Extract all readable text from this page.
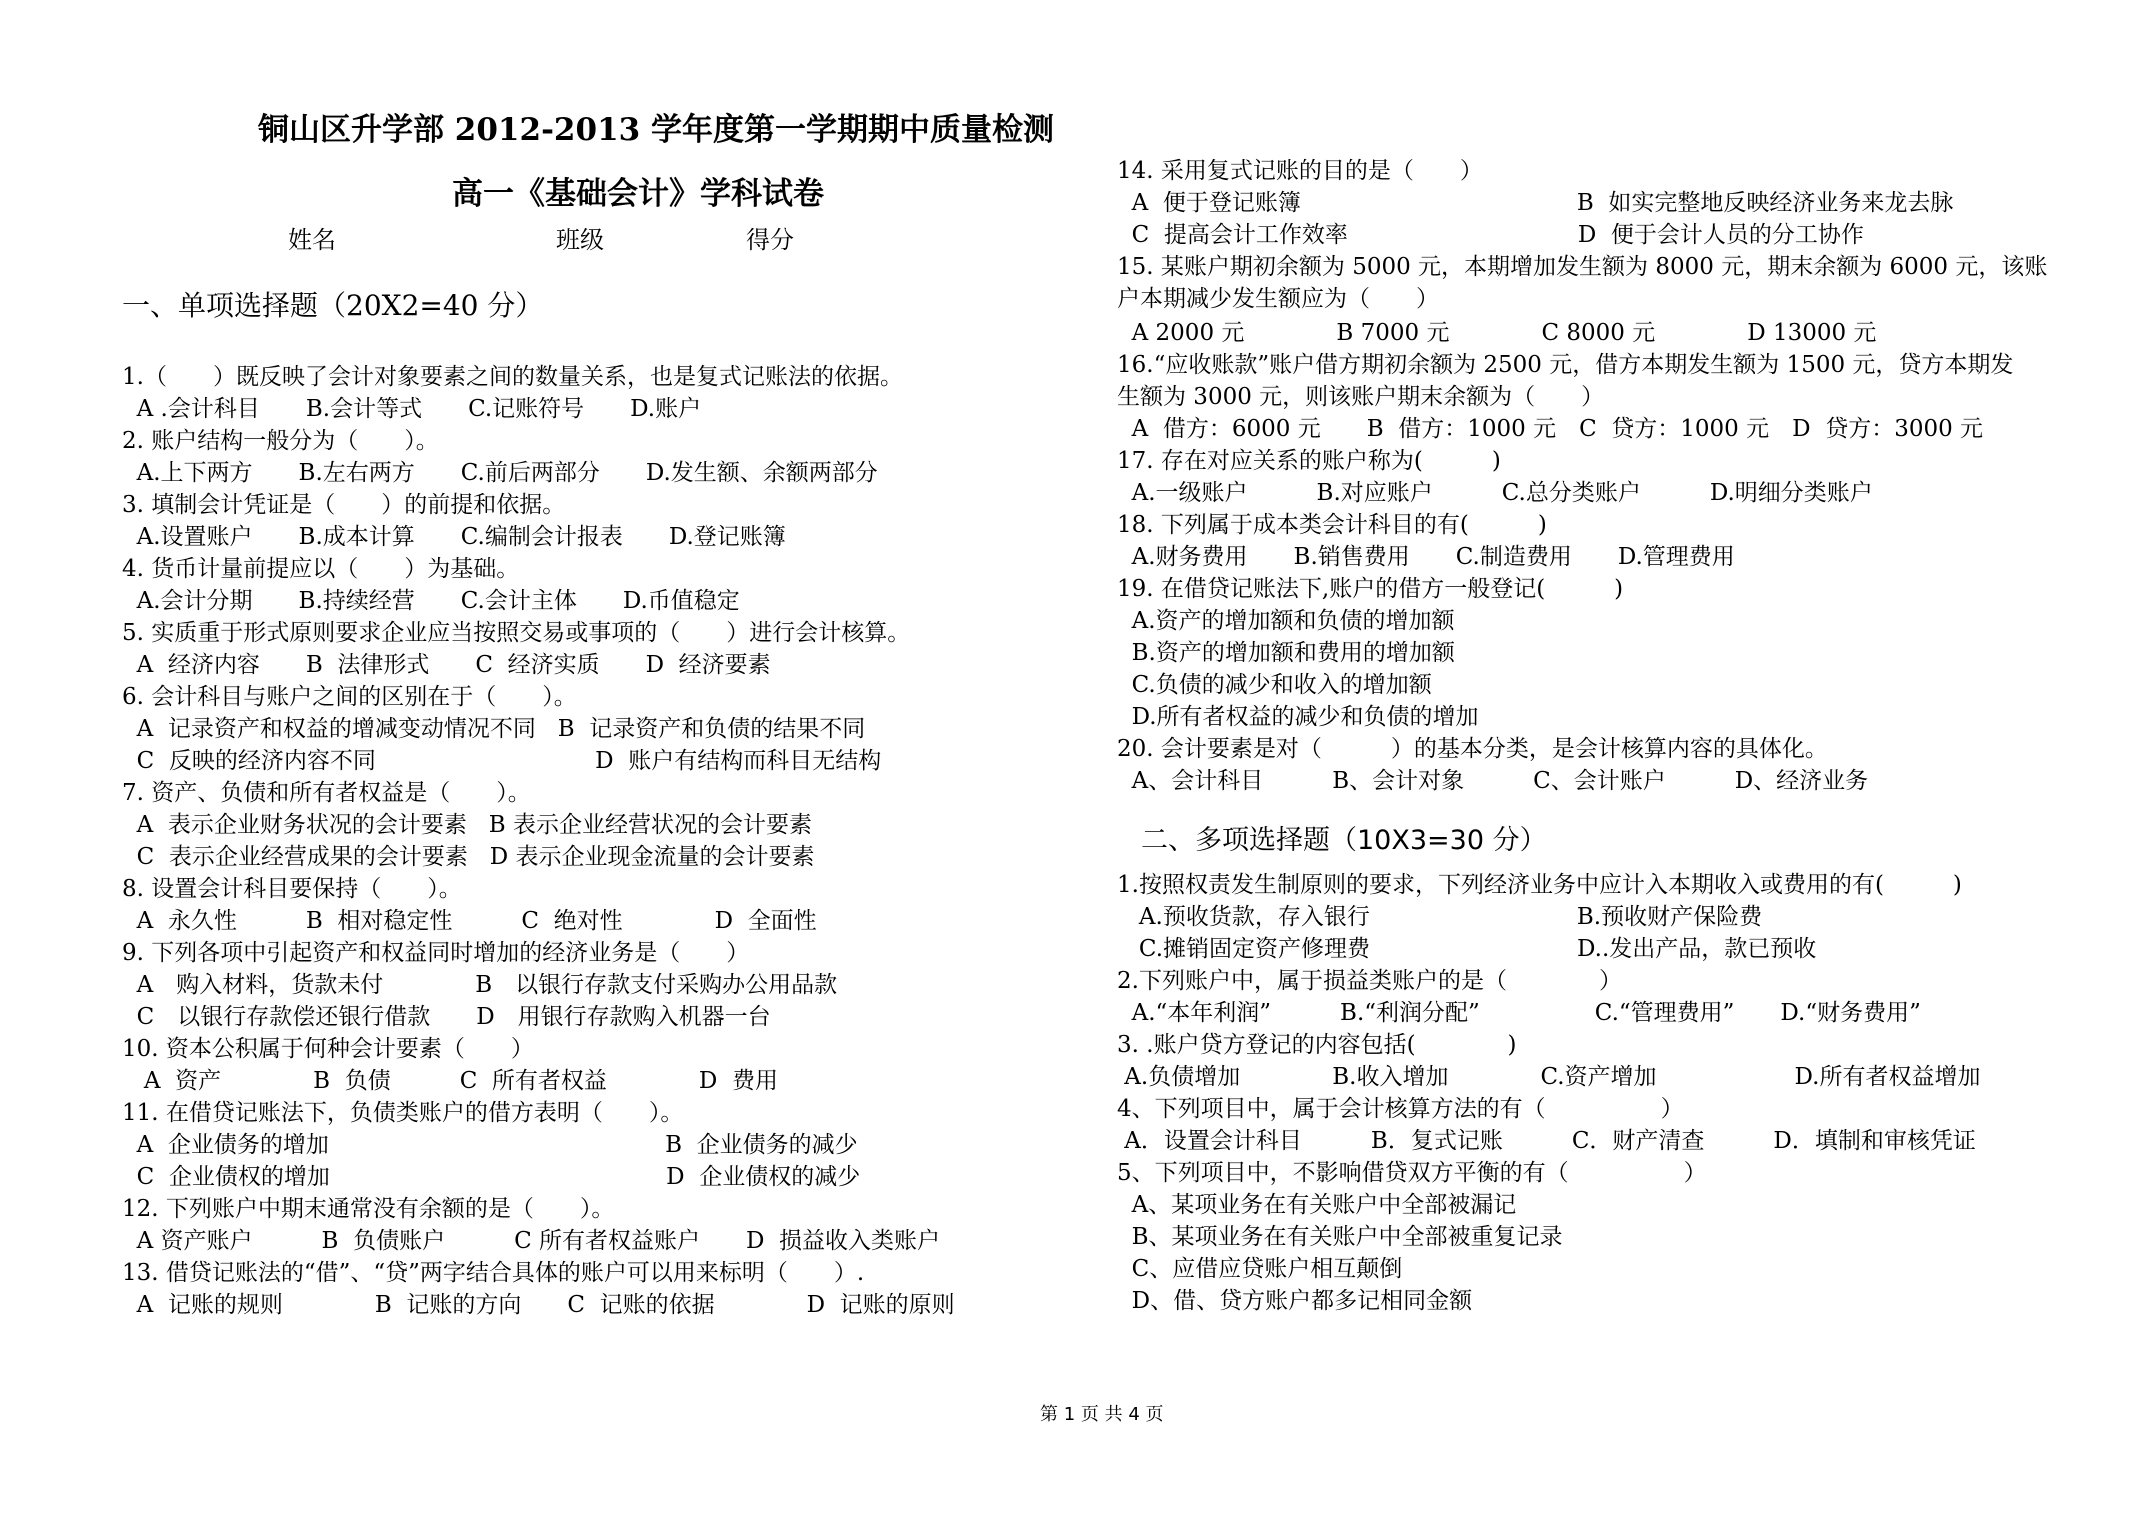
铜山区升学部 2012-2013 学年度第一学期期中质量检测
高一《基础会计》学科试卷
姓名	班级	得分
一、单项选择题（20X2=40 分）
1.（　　）既反映了会计对象要素之间的数量关系，也是复式记账法的依据。
A .会计科目　　B.会计等式　　C.记账符号　　D.账户
2. 账户结构一般分为（　　）。
A.上下两方　　B.左右两方　　C.前后两部分　　D.发生额、余额两部分
3. 填制会计凭证是（　　）的前提和依据。
A.设置账户　　B.成本计算　　C.编制会计报表　　D.登记账簿
4. 货币计量前提应以（　　）为基础。
A.会计分期　　B.持续经营　　C.会计主体　　D.币值稳定
5. 实质重于形式原则要求企业应当按照交易或事项的（　　）进行会计核算。
A  经济内容　　B  法律形式　　C  经济实质　　D  经济要素
6. 会计科目与账户之间的区别在于（　　）。
A  记录资产和权益的增减变动情况不同   B  记录资产和负债的结果不同
C  反映的经济内容不同                              D  账户有结构而科目无结构
7. 资产、负债和所有者权益是（　　）。
A  表示企业财务状况的会计要素   B 表示企业经营状况的会计要素
C  表示企业经营成果的会计要素   D 表示企业现金流量的会计要素
8. 设置会计科目要保持（　　）。
A  永久性　　　B  相对稳定性　　　C  绝对性　　　　D  全面性
9. 下列各项中引起资产和权益同时增加的经济业务是（　　）
A　购入材料，货款未付　　　　B　以银行存款支付采购办公用品款
C　以银行存款偿还银行借款　　D　用银行存款购入机器一台
10. 资本公积属于何种会计要素（　　）
A  资产　　　　B  负债　　　C  所有者权益　　　　D  费用
11. 在借贷记账法下，负债类账户的借方表明（　　）。
A  企业债务的增加                                              B  企业债务的减少
C  企业债权的增加                                              D  企业债权的减少
12. 下列账户中期末通常没有余额的是（　　）。
A 资产账户　　　B  负债账户　　　C 所有者权益账户　　D  损益收入类账户
13. 借贷记账法的“借”、“贷”两字结合具体的账户可以用来标明（　　）.
A  记账的规则　　　　B  记账的方向　　C  记账的依据　　　　D  记账的原则
14. 采用复式记账的目的是（　　）
A  便于登记账簿　　　　　　　　　　　　B  如实完整地反映经济业务来龙去脉
C  提高会计工作效率　　　　　　　　　　D  便于会计人员的分工协作
15. 某账户期初余额为 5000 元，本期增加发生额为 8000 元，期末余额为 6000 元，该账
户本期减少发生额应为（　　）
A 2000 元　　　　B 7000 元　　　　C 8000 元　　　　D 13000 元
16.“应收账款”账户借方期初余额为 2500 元，借方本期发生额为 1500 元，贷方本期发
生额为 3000 元，则该账户期末余额为（　　）
A  借方：6000 元　　B  借方：1000 元　C  贷方：1000 元　D  贷方：3000 元
17. 存在对应关系的账户称为(　　　)
A.一级账户　　　B.对应账户　　　C.总分类账户　　　D.明细分类账户
18. 下列属于成本类会计科目的有(　　　)
A.财务费用　　B.销售费用　　C.制造费用　　D.管理费用
19. 在借贷记账法下,账户的借方一般登记(　　　)
A.资产的增加额和负债的增加额
B.资产的增加额和费用的增加额
C.负债的减少和收入的增加额
D.所有者权益的减少和负债的增加
20. 会计要素是对（　　　）的基本分类，是会计核算内容的具体化。
A、会计科目　　　B、会计对象　　　C、会计账户　　　D、经济业务
二、多项选择题（10X3=30 分）
1.按照权责发生制原则的要求，下列经济业务中应计入本期收入或费用的有(　　　)
A.预收货款，存入银行　　　　　　　　　B.预收财产保险费
C.摊销固定资产修理费　　　　　　　　　D..发出产品，款已预收
2.下列账户中，属于损益类账户的是（　　　　）
A.“本年利润”　　　B.“利润分配”　　　　　C.“管理费用”　　D.“财务费用”
3. .账户贷方登记的内容包括(　　　　)
A.负债增加　　　　B.收入增加　　　　C.资产增加　　　　　　D.所有者权益增加
4、下列项目中，属于会计核算方法的有（　　　　　）
A．设置会计科目　　　B．复式记账　　　C．财产清查　　　D．填制和审核凭证
5、下列项目中，不影响借贷双方平衡的有（　　　　　）
A、某项业务在有关账户中全部被漏记
B、某项业务在有关账户中全部被重复记录
C、应借应贷账户相互颠倒
D、借、贷方账户都多记相同金额
第 1 页 共 4 页
